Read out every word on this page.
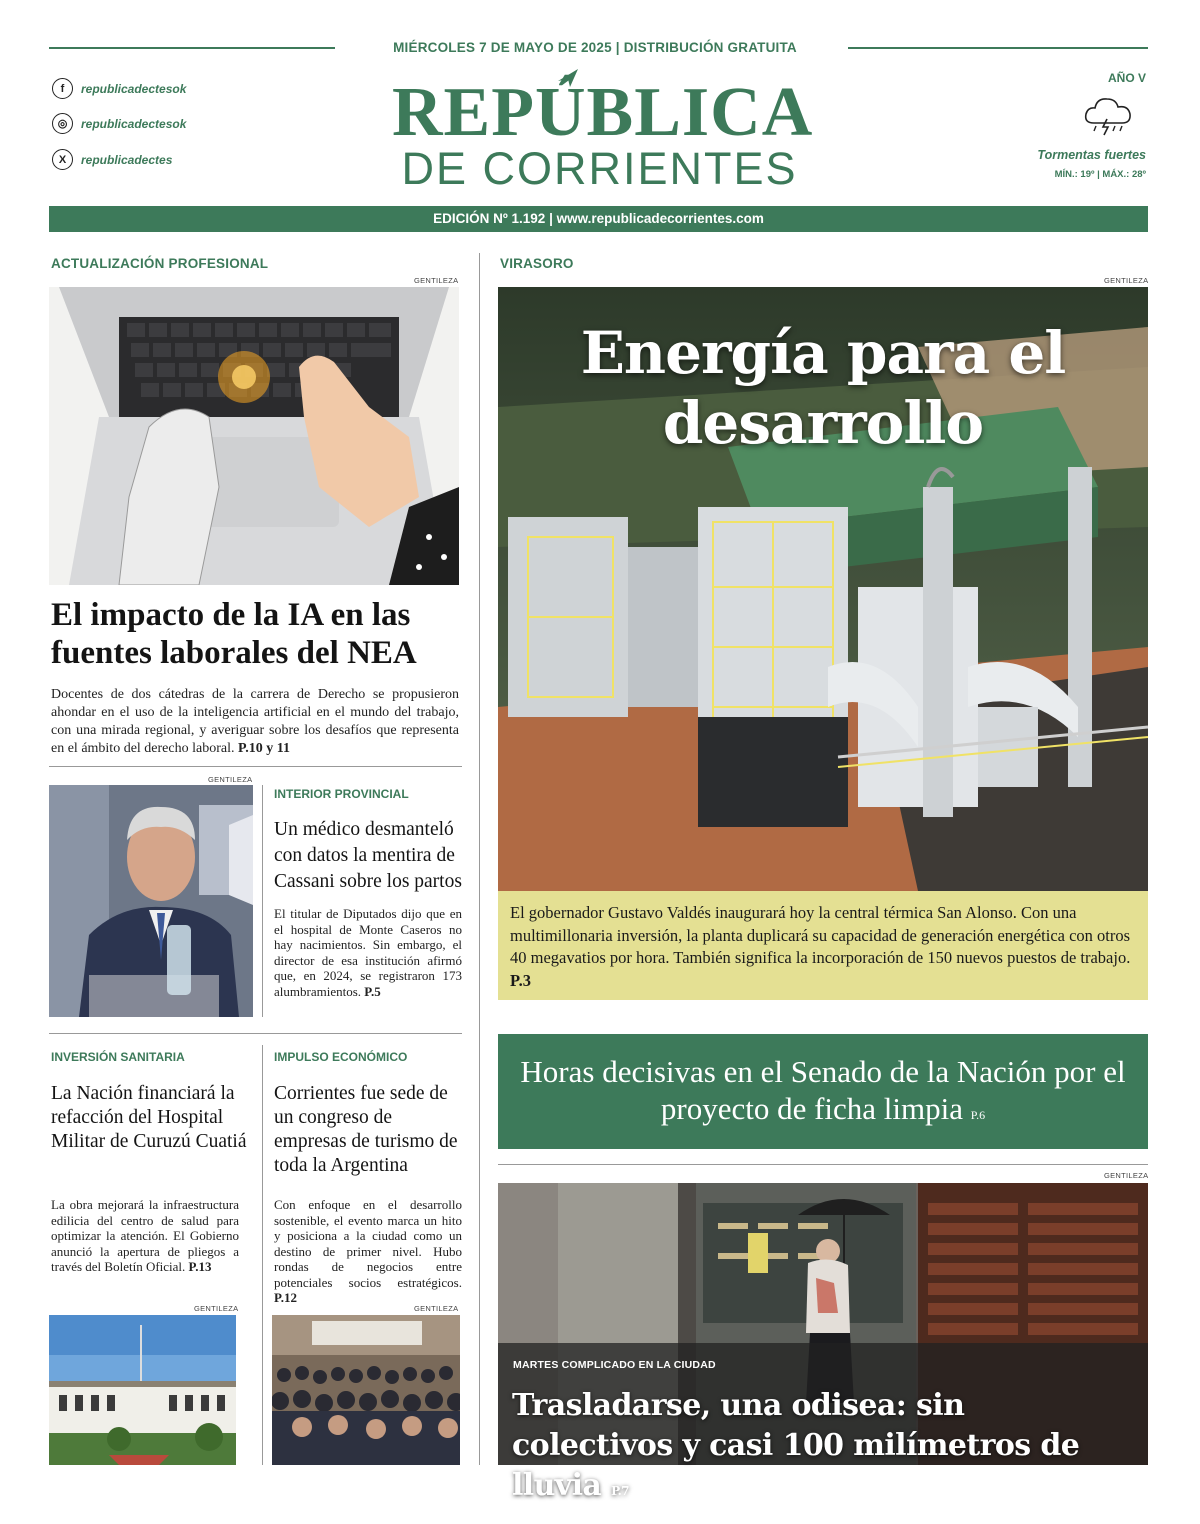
MIÉRCOLES 7 DE MAYO DE 2025 | DISTRIBUCIÓN GRATUITA
f	republicadectesok
◎	republicadectesok
X	republicadectes
REPÚBLICA
DE CORRIENTES
AÑO V
Tormentas fuertes
MÍN.: 19º | MÁX.: 28º
EDICIÓN Nº 1.192 | www.republicadecorrientes.com
ACTUALIZACIÓN PROFESIONAL
GENTILEZA
El impacto de la IA en las fuentes laborales del NEA
Docentes de dos cátedras de la carrera de Derecho se propusieron ahondar en el uso de la inteligencia artificial en el mundo del trabajo, con una mirada regional, y averiguar sobre los desafíos que representa en el ámbito del derecho laboral. P.10 y 11
GENTILEZA
INTERIOR PROVINCIAL
Un médico desmanteló con datos la mentira de Cassani sobre los partos
El titular de Diputados dijo que en el hospital de Monte Caseros no hay nacimientos. Sin embargo, el director de esa institución afirmó que, en 2024, se registraron 173 alumbramientos. P.5
INVERSIÓN SANITARIA
La Nación financiará la refacción del Hospital Militar de Curuzú Cuatiá
La obra mejorará la infraestructura edilicia del centro de salud para optimizar la atención. El Gobierno anunció la apertura de pliegos a través del Boletín Oficial. P.13
GENTILEZA
IMPULSO ECONÓMICO
Corrientes fue sede de un congreso de empresas de turismo de toda la Argentina
Con enfoque en el desarrollo sostenible, el evento marca un hito y posiciona a la ciudad como un destino de primer nivel. Hubo rondas de negocios entre potenciales socios estratégicos. P.12
GENTILEZA
VIRASORO
GENTILEZA
Energía para el desarrollo
El gobernador Gustavo Valdés inaugurará hoy la central térmica San Alonso. Con una multimillonaria inversión, la planta duplicará su capacidad de generación energética con otros 40 megavatios por hora. También significa la incorporación de 150 nuevos puestos de trabajo. P.3
Horas decisivas en el Senado de la Nación por el proyecto de ficha limpia P.6
GENTILEZA
MARTES COMPLICADO EN LA CIUDAD
Trasladarse, una odisea: sin colectivos y casi 100 milímetros de lluvia P.7
